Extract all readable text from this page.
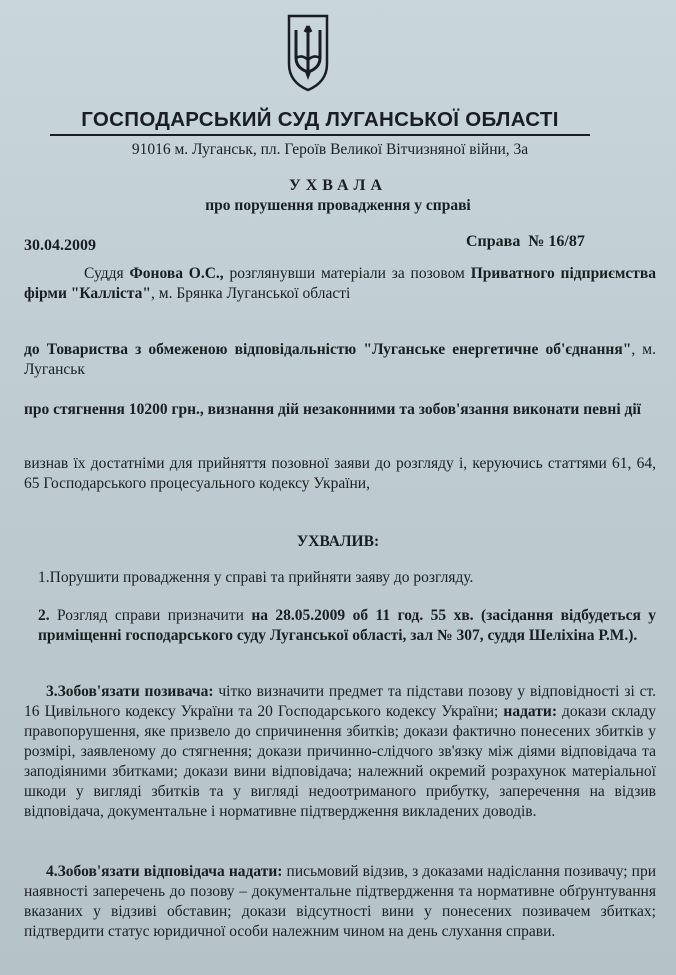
ГОСПОДАРСЬКИЙ СУД ЛУГАНСЬКОЇ ОБЛАСТІ
91016 м. Луганськ, пл. Героїв Великої Вітчизняної війни, 3а
УХВАЛА
про порушення провадження у справі
30.04.2009	Справа № 16/87
Суддя Фонова О.С., розглянувши матеріали за позовом Приватного підприємства фірми "Калліста", м. Брянка Луганської області
до Товариства з обмеженою відповідальністю "Луганське енергетичне об'єднання", м. Луганськ
про стягнення 10200 грн., визнання дій незаконними та зобов'язання виконати певні дії
визнав їх достатніми для прийняття позовної заяви до розгляду і, керуючись статтями 61, 64, 65 Господарського процесуального кодексу України,
УХВАЛИВ:
1.Порушити провадження у справі та прийняти заяву до розгляду.
2. Розгляд справи призначити на 28.05.2009 об 11 год. 55 хв. (засідання відбудеться у приміщенні господарського суду Луганської області, зал № 307, суддя Шеліхіна Р.М.).
3.Зобов'язати позивача: чітко визначити предмет та підстави позову у відповідності зі ст. 16 Цивільного кодексу України та 20 Господарського кодексу України; надати: докази складу правопорушення, яке призвело до спричинення збитків; докази фактично понесених збитків у розмірі, заявленому до стягнення; докази причинно-слідчого зв'язку між діями відповідача та заподіяними збитками; докази вини відповідача; належний окремий розрахунок матеріальної шкоди у вигляді збитків та у вигляді недоотриманого прибутку, заперечення на відзив відповідача, документальне і нормативне підтвердження викладених доводів.
4.Зобов'язати відповідача надати: письмовий відзив, з доказами надіслання позивачу; при наявності заперечень до позову – документальне підтвердження та нормативне обґрунтування вказаних у відзиві обставин; докази відсутності вини у понесених позивачем збитках; підтвердити статус юридичної особи належним чином на день слухання справи.
